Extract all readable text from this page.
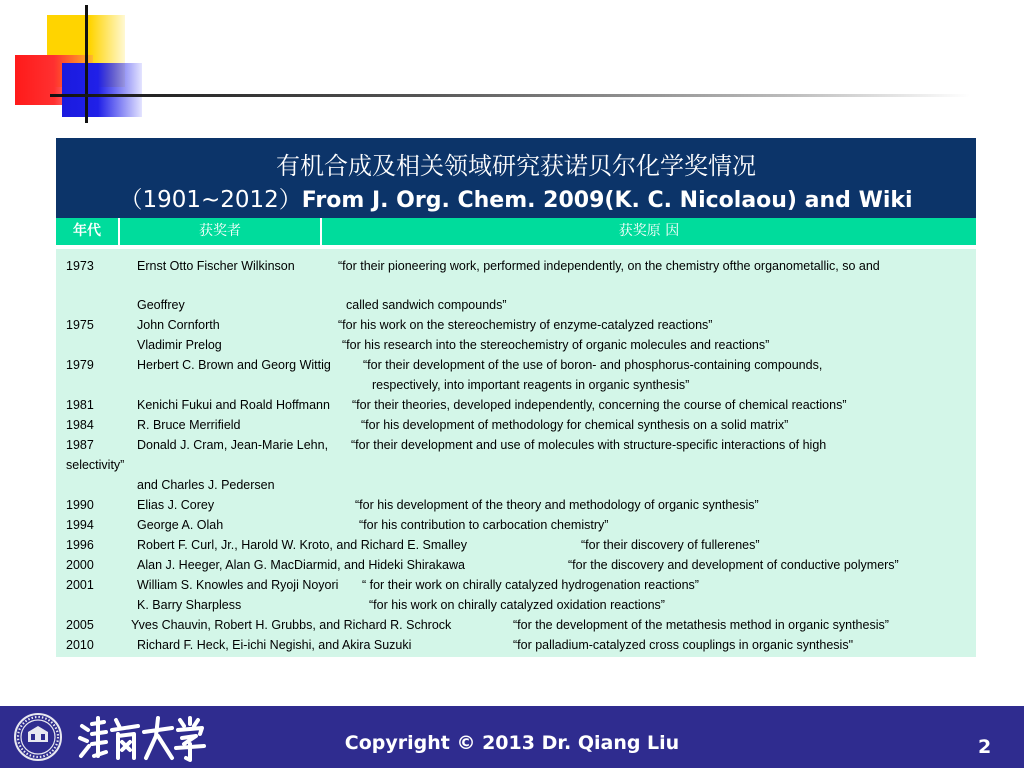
有机合成及相关领域研究获诺贝尔化学奖情况
（1901~2012）From J. Org. Chem. 2009(K. C. Nicolaou) and Wiki
年代	获奖者	获奖原 因
1973	Ernst Otto Fischer Wilkinson	“for their pioneering work, performed independently, on the chemistry ofthe organometallic, so and
Geoffrey	called sandwich compounds”
1975	John Cornforth	“for his work on the stereochemistry of enzyme-catalyzed reactions”
Vladimir Prelog	“for his research into the stereochemistry of organic molecules and reactions”
1979	Herbert C. Brown and Georg Wittig	“for their development of the use of boron- and phosphorus-containing compounds,
respectively, into important reagents in organic synthesis”
1981	Kenichi Fukui and Roald Hoffmann “for their theories, developed independently, concerning the course of chemical reactions”
1984	R. Bruce Merrifield	“for his development of methodology for chemical synthesis on a solid matrix”
1987	Donald J. Cram, Jean-Marie Lehn, “for their development and use of molecules with structure-specific interactions of high
selectivity”
and Charles J. Pedersen
1990	Elias J. Corey	“for his development of the theory and methodology of organic synthesis”
1994	George A. Olah	“for his contribution to carbocation chemistry”
1996	Robert F. Curl, Jr., Harold W. Kroto, and Richard E. Smalley	“for their discovery of fullerenes”
2000	Alan J. Heeger, Alan G. MacDiarmid, and Hideki Shirakawa	“for the discovery and development of conductive polymers”
2001	William S. Knowles and Ryoji Noyori “ for their work on chirally catalyzed hydrogenation reactions”
K. Barry Sharpless	“for his work on chirally catalyzed oxidation reactions”
2005	Yves Chauvin, Robert H. Grubbs, and Richard R. Schrock	“for the development of the metathesis method in organic synthesis”
2010	Richard F. Heck, Ei-ichi Negishi, and Akira Suzuki	“for palladium-catalyzed cross couplings in organic synthesis"
Copyright © 2013 Dr. Qiang Liu	2
